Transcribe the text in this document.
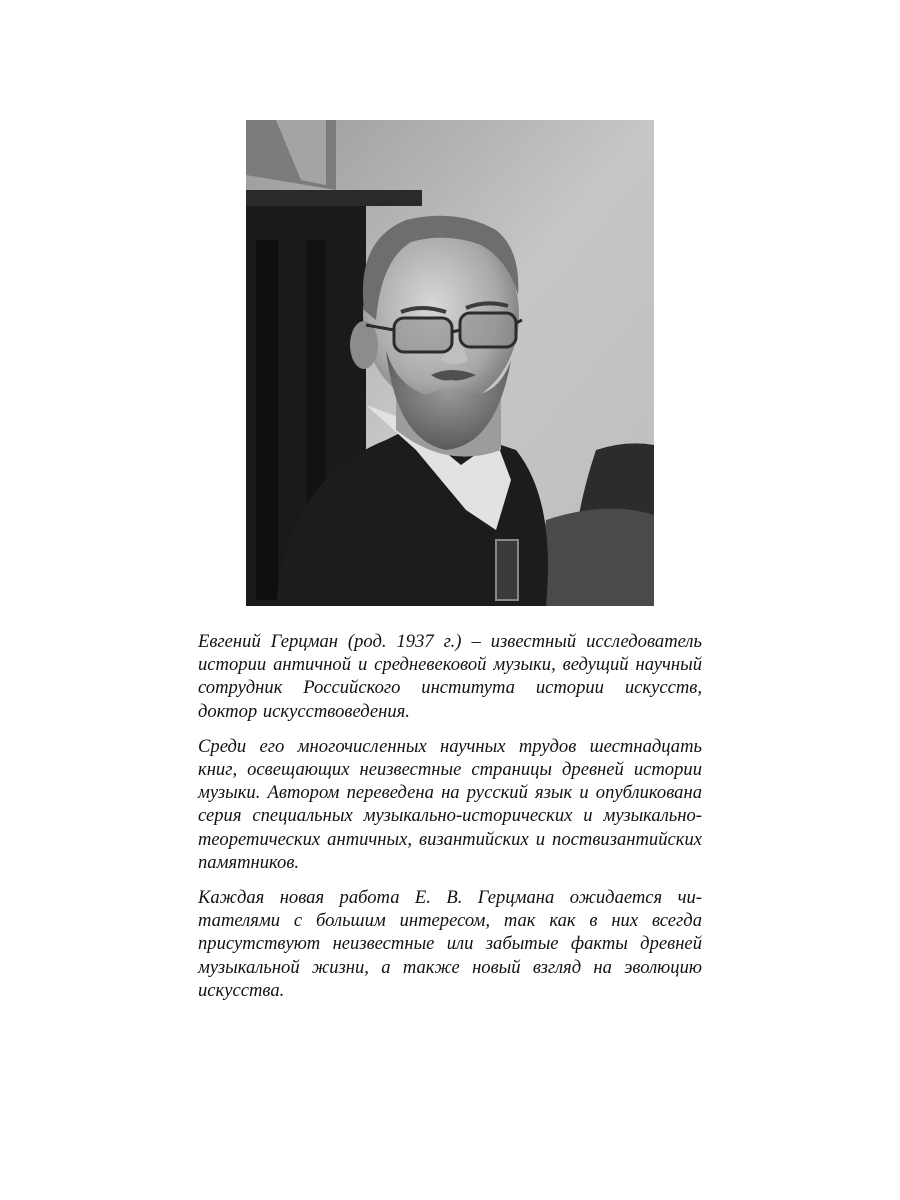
Евгений Герцман (род. 1937 г.) – известный исследователь истории античной и средневековой музыки, ведущий научный сотрудник Российского института истории искусств, доктор искусствоведения.

Среди его многочисленных научных трудов шестнадцать книг, освещающих неизвестные страницы древней истории музыки. Автором переведена на русский язык и опубликована серия специальных музыкально-исторических и музыкально-теоретических античных, византийских и поствизантийских памятников.

Каждая новая работа Е. В. Герцмана ожидается читателями с большим интересом, так как в них всегда присутствуют неизвестные или забытые факты древней музыкальной жизни, а также новый взгляд на эволюцию искусства.
